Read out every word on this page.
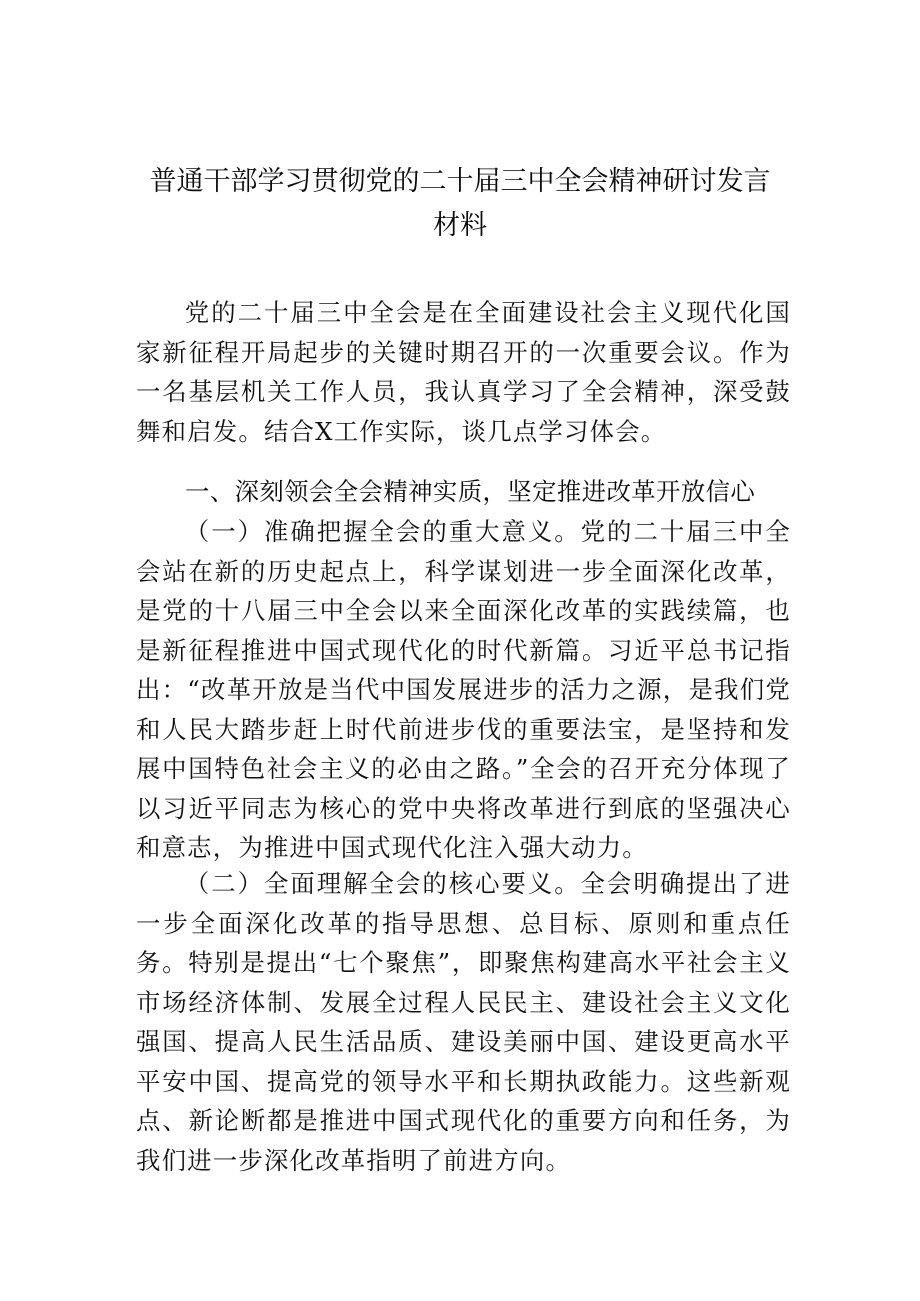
普通干部学习贯彻党的二十届三中全会精神研讨发言
材料

党的二十届三中全会是在全面建设社会主义现代化国家新征程开局起步的关键时期召开的一次重要会议。作为一名基层机关工作人员，我认真学习了全会精神，深受鼓舞和启发。结合X工作实际，谈几点学习体会。

一、深刻领会全会精神实质，坚定推进改革开放信心

（一）准确把握全会的重大意义。党的二十届三中全会站在新的历史起点上，科学谋划进一步全面深化改革，是党的十八届三中全会以来全面深化改革的实践续篇，也是新征程推进中国式现代化的时代新篇。习近平总书记指出：“改革开放是当代中国发展进步的活力之源，是我们党和人民大踏步赶上时代前进步伐的重要法宝，是坚持和发展中国特色社会主义的必由之路。”全会的召开充分体现了以习近平同志为核心的党中央将改革进行到底的坚强决心和意志，为推进中国式现代化注入强大动力。

（二）全面理解全会的核心要义。全会明确提出了进一步全面深化改革的指导思想、总目标、原则和重点任务。特别是提出“七个聚焦”，即聚焦构建高水平社会主义市场经济体制、发展全过程人民民主、建设社会主义文化强国、提高人民生活品质、建设美丽中国、建设更高水平平安中国、提高党的领导水平和长期执政能力。这些新观点、新论断都是推进中国式现代化的重要方向和任务，为我们进一步深化改革指明了前进方向。
